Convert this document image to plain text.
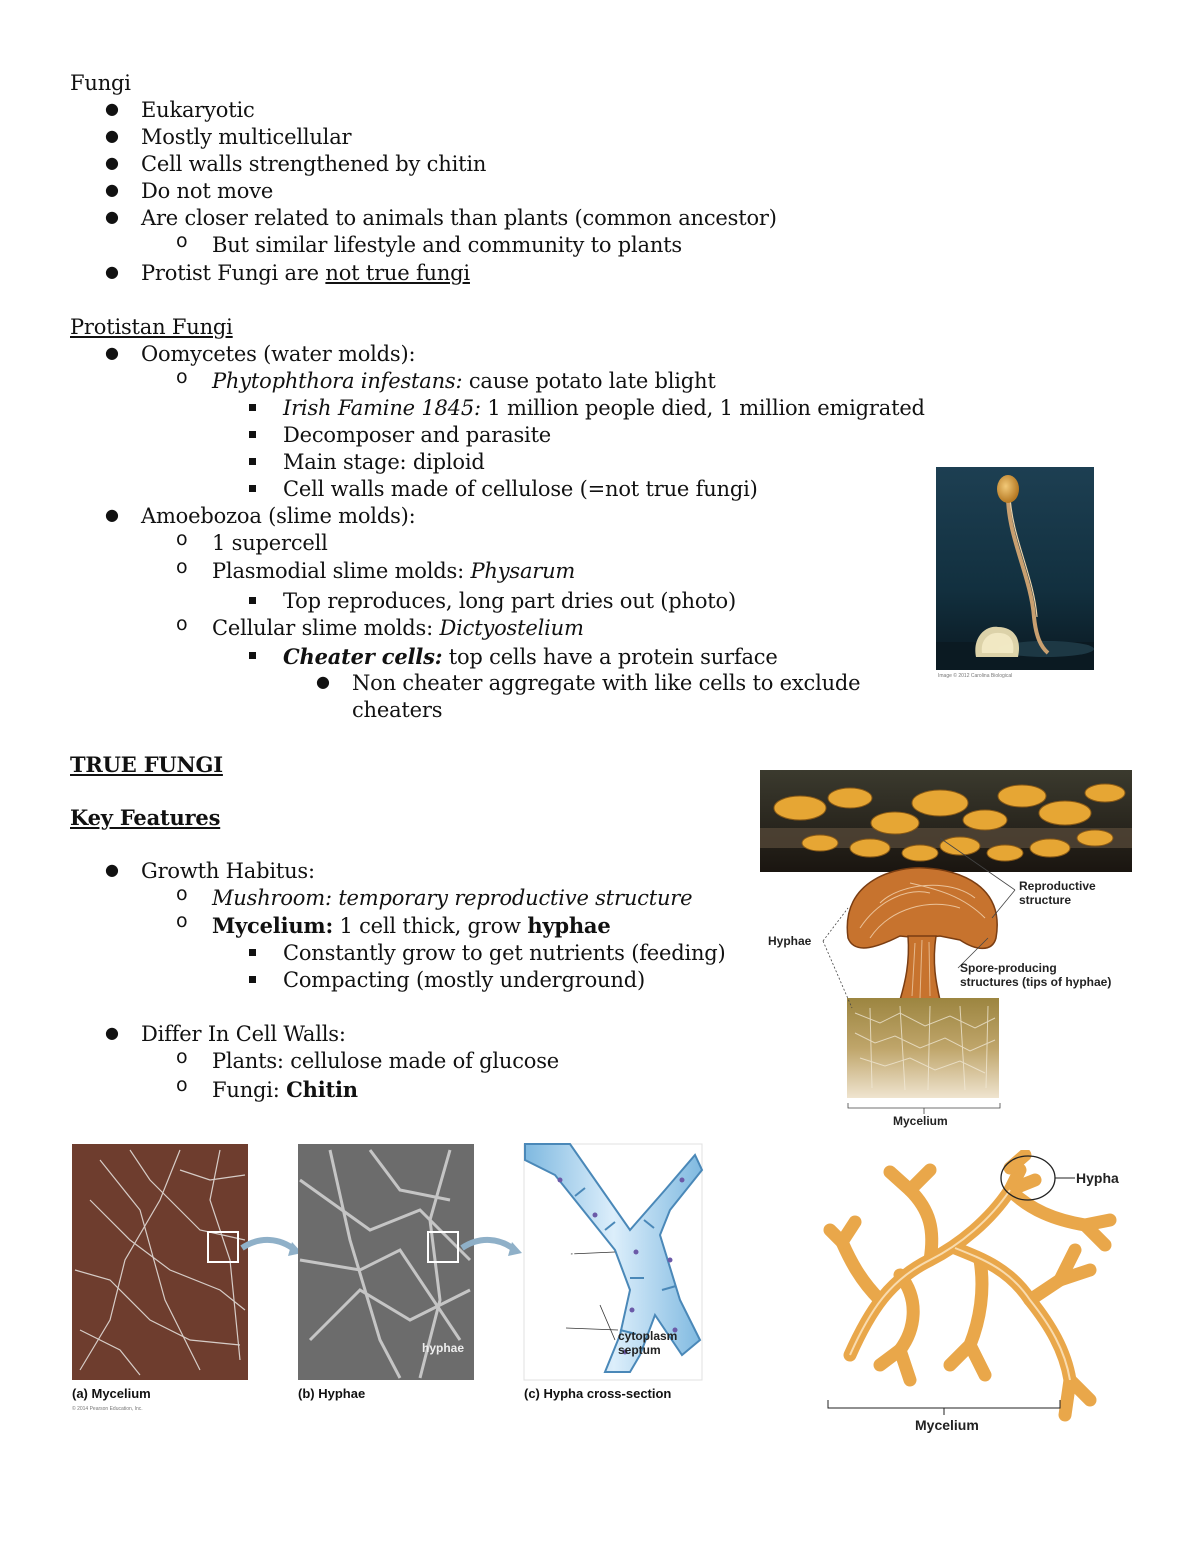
Fungi
● Eukaryotic
● Mostly multicellular
● Cell walls strengthened by chitin
● Do not move
● Are closer related to animals than plants (common ancestor)
o But similar lifestyle and community to plants
● Protist Fungi are not true fungi
Protistan Fungi
● Oomycetes (water molds):
o Phytophthora infestans: cause potato late blight
Irish Famine 1845: 1 million people died, 1 million emigrated
Decomposer and parasite
Main stage: diploid
Cell walls made of cellulose (=not true fungi)
● Amoebozoa (slime molds):
o 1 supercell
o Plasmodial slime molds: Physarum
Top reproduces, long part dries out (photo)
o Cellular slime molds: Dictyostelium
Cheater cells: top cells have a protein surface
● Non cheater aggregate with like cells to exclude
cheaters
Image © 2012 Carolina Biological
TRUE FUNGI
Key Features
● Growth Habitus:
o Mushroom: temporary reproductive structure
o Mycelium: 1 cell thick, grow hyphae
Constantly grow to get nutrients (feeding)
Compacting (mostly underground)
● Differ In Cell Walls:
o Plants: cellulose made of glucose
o Fungi: Chitin
Reproductive
structure
Hyphae
Spore-producing
structures (tips of hyphae)
Mycelium
hyphae
cell wall
pore
cytoplasm
septum
(a) Mycelium	(b) Hyphae	(c) Hypha cross-section
© 2014 Pearson Education, Inc.
Hypha
Mycelium
